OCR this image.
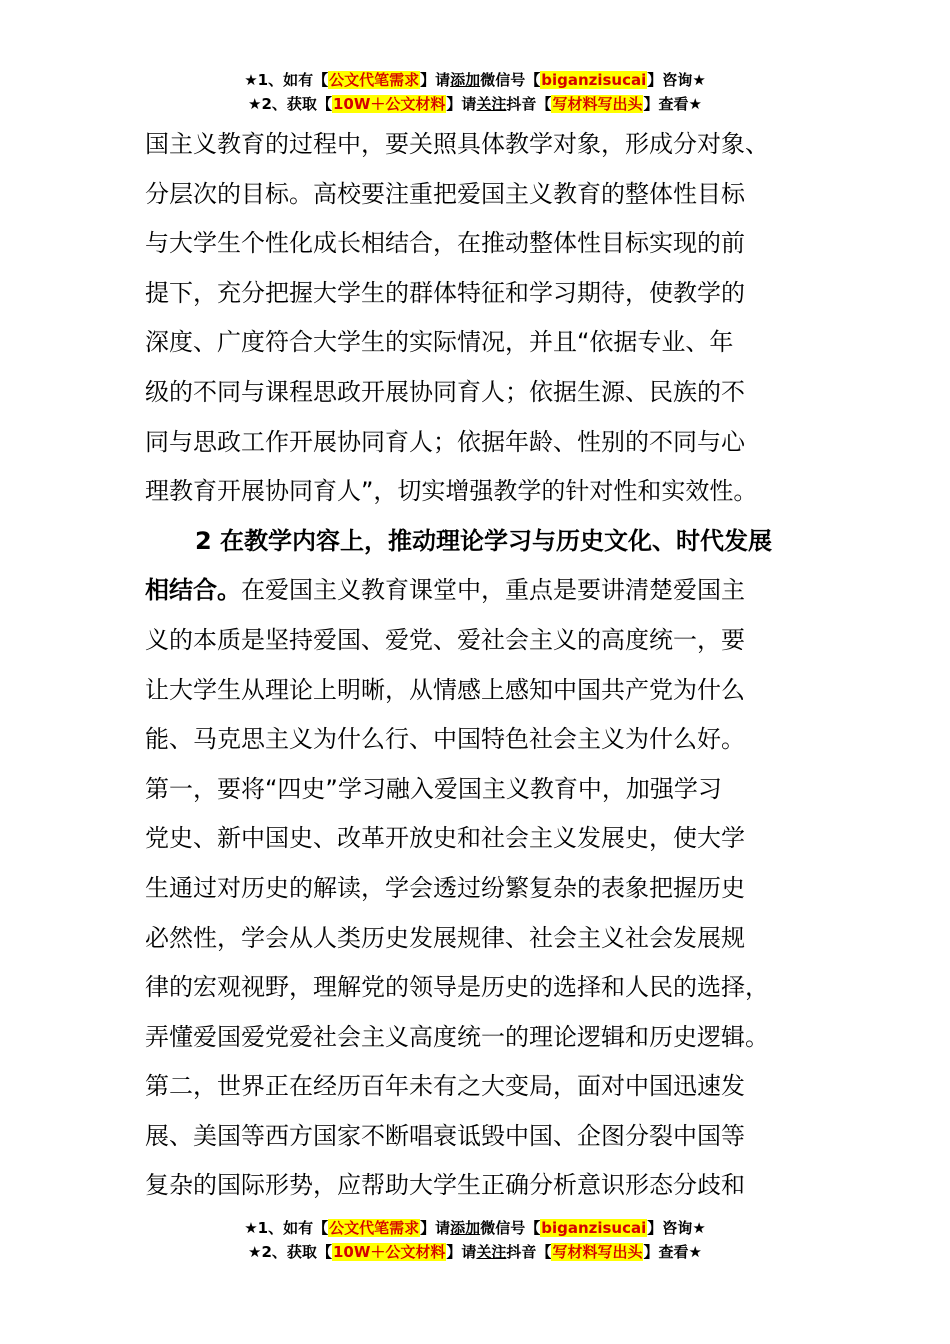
★1、如有【公文代笔需求】请添加微信号【biganzisucai】咨询★
★2、获取【10W＋公文材料】请关注抖音【写材料写出头】查看★
国主义教育的过程中，要关照具体教学对象，形成分对象、
分层次的目标。高校要注重把爱国主义教育的整体性目标
与大学生个性化成长相结合，在推动整体性目标实现的前
提下，充分把握大学生的群体特征和学习期待，使教学的
深度、广度符合大学生的实际情况，并且“依据专业、年
级的不同与课程思政开展协同育人；依据生源、民族的不
同与思政工作开展协同育人；依据年龄、性别的不同与心
理教育开展协同育人”，切实增强教学的针对性和实效性。
2 在教学内容上，推动理论学习与历史文化、时代发展
相结合。在爱国主义教育课堂中，重点是要讲清楚爱国主
义的本质是坚持爱国、爱党、爱社会主义的高度统一，要
让大学生从理论上明晰，从情感上感知中国共产党为什么
能、马克思主义为什么行、中国特色社会主义为什么好。
第一，要将“四史”学习融入爱国主义教育中，加强学习
党史、新中国史、改革开放史和社会主义发展史，使大学
生通过对历史的解读，学会透过纷繁复杂的表象把握历史
必然性，学会从人类历史发展规律、社会主义社会发展规
律的宏观视野，理解党的领导是历史的选择和人民的选择，
弄懂爱国爱党爱社会主义高度统一的理论逻辑和历史逻辑。
第二，世界正在经历百年未有之大变局，面对中国迅速发
展、美国等西方国家不断唱衰诋毁中国、企图分裂中国等
复杂的国际形势，应帮助大学生正确分析意识形态分歧和
★1、如有【公文代笔需求】请添加微信号【biganzisucai】咨询★
★2、获取【10W＋公文材料】请关注抖音【写材料写出头】查看★
